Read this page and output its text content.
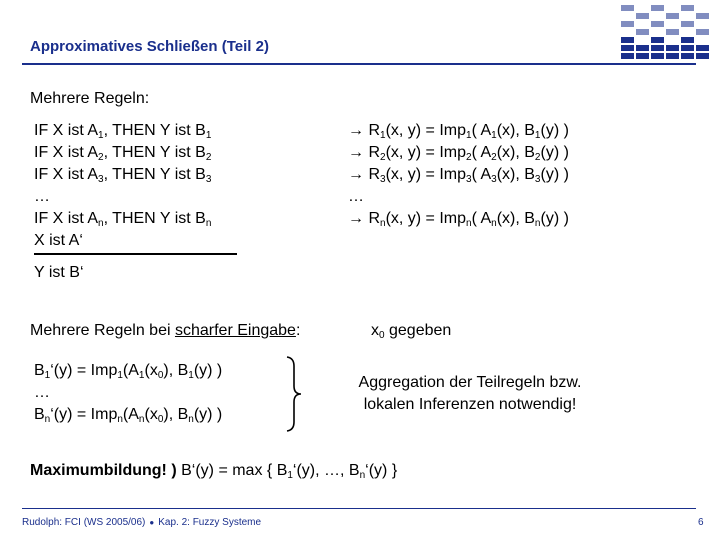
Approximatives Schließen (Teil 2)
Mehrere Regeln:
IF X ist $A_1$, THEN Y ist $B_1$
IF X ist $A_2$, THEN Y ist $B_2$
IF X ist $A_3$, THEN Y ist $B_3$
…
IF X ist $A_n$, THEN Y ist $B_n$
X ist A‘
Y ist B‘
→ $R_1(x$, y) = Imp$_1$( $A_1(x)$, $B_1(y)$ )
→ $R_2(x$, y) = Imp$_2$( $A_2(x)$, $B_2(y)$ )
→ $R_3(x$, y) = Imp$_3$( $A_3(x)$, $B_3(y)$ )
…
→ $R_n(x$, y) = Imp$_n$( $A_n(x)$, $B_n(y)$ )
Mehrere Regeln bei scharfer Eingabe:	$x_0$ gegeben
$B_1‘(y) = Imp_1(A_1(x_0)$, $B_1(y)$ )
…
$B_n‘(y) = Imp_n(A_n(x_0)$, $B_n(y)$ )
Aggregation der Teilregeln bzw.
lokalen Inferenzen notwendig!
Maximumbildung! ) B‘(y) = max { $B_1‘(y)$, …, $B_n‘(y)$ }
Rudolph: FCI (WS 2005/06) ● Kap. 2: Fuzzy Systeme	6
